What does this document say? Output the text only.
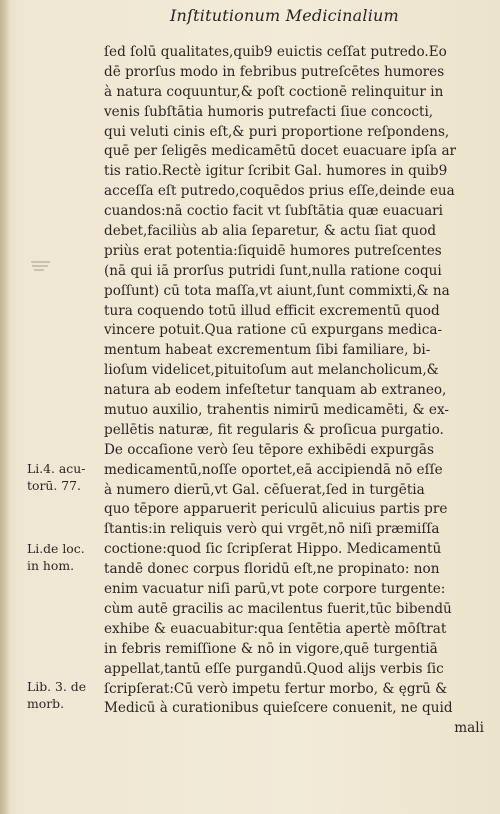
Inſtitutionum Medicinalium
ſed ſolū qualitates,quib9 euictis ceſſat putredo.Eo
dē prorſus modo in febribus putreſcētes humores
à natura coquuntur,& poſt coctionē relinquitur in
venis ſubſtātia humoris putrefacti ſiue concocti,
qui veluti cinis eſt,& puri proportione reſpondens,
quē per ſeligēs medicamētū docet euacuare ipſa ar
tis ratio.Rectè igitur ſcribit Gal. humores in quib9
acceſſa eſt putredo,coquēdos prius eſſe,deinde eua
cuandos:nā coctio facit vt ſubſtātia quæ euacuari
debet,faciliùs ab alia ſeparetur, & actu ſiat quod
priùs erat potentia:ſiquidē humores putreſcentes
(nā qui iā prorſus putridi ſunt,nulla ratione coqui
poſſunt) cū tota maſſa,vt aiunt,ſunt commixti,& na
tura coquendo totū illud efficit excrementū quod
vincere potuit.Qua ratione cū expurgans medica-
mentum habeat excrementum ſibi familiare, bi-
lioſum videlicet,pituitoſum aut melancholicum,&
natura ab eodem infeſtetur tanquam ab extraneo,
mutuo auxilio, trahentis nimirū medicamēti, & ex-
pellētis naturæ, fit regularis & proſicua purgatio.
De occaſione verò ſeu tēpore exhibēdi expurgās
medicamentū,noſſe oportet,eā accipiendā nō eſſe
à numero dierū,vt Gal. cēſuerat,ſed in turgētia
quo tēpore apparuerit periculū alicuius partis pre
ſtantis:in reliquis verò qui vrgēt,nō niſi præmiſſa
coctione:quod ſic ſcripſerat Hippo. Medicamentū
tandē donec corpus floridū eſt,ne propinato: non
enim vacuatur niſi parū,vt pote corpore turgente:
cùm autē gracilis ac macilentus fuerit,tūc bibendū
exhibe & euacuabitur:qua ſentētia apertè mōſtrat
in febris remiſſione & nō in vigore,quē turgentiā
appellat,tantū eſſe purgandū.Quod alijs verbis ſic
ſcripſerat:Cū verò impetu fertur morbo, & ęgrū &
Medicū à curationibus quieſcere conuenit, ne quid
mali
Li.4. acu-
torū. 77.
Li.de loc.
in hom.
Lib. 3. de
morb.
